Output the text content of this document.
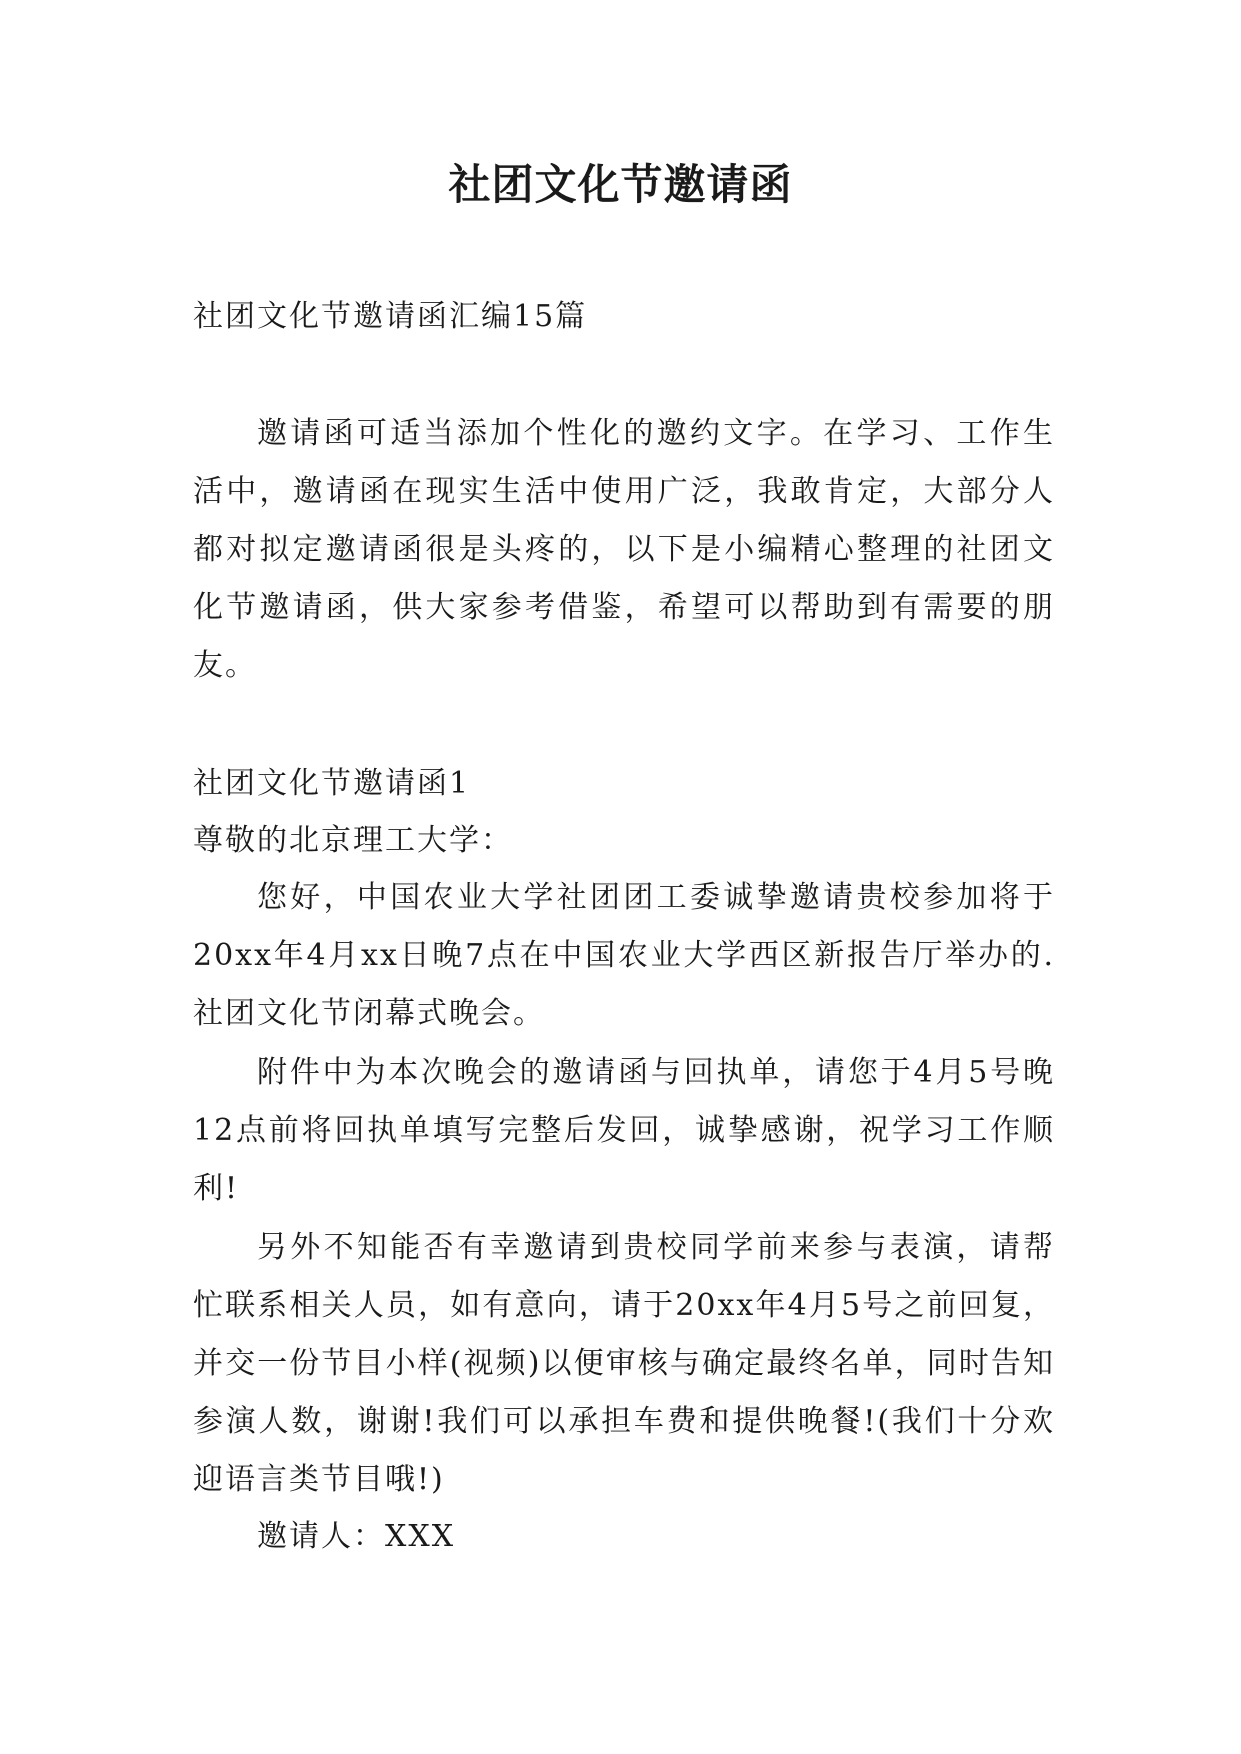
社团文化节邀请函

社团文化节邀请函汇编15篇

邀请函可适当添加个性化的邀约文字。在学习、工作生活中，邀请函在现实生活中使用广泛，我敢肯定，大部分人都对拟定邀请函很是头疼的，以下是小编精心整理的社团文化节邀请函，供大家参考借鉴，希望可以帮助到有需要的朋友。

社团文化节邀请函1

尊敬的北京理工大学：

您好，中国农业大学社团团工委诚挚邀请贵校参加将于20xx年4月xx日晚7点在中国农业大学西区新报告厅举办的.社团文化节闭幕式晚会。

附件中为本次晚会的邀请函与回执单，请您于4月5号晚12点前将回执单填写完整后发回，诚挚感谢，祝学习工作顺利!

另外不知能否有幸邀请到贵校同学前来参与表演，请帮忙联系相关人员，如有意向，请于20xx年4月5号之前回复，并交一份节目小样(视频)以便审核与确定最终名单，同时告知参演人数，谢谢!我们可以承担车费和提供晚餐!(我们十分欢迎语言类节目哦!)

邀请人：XXX
